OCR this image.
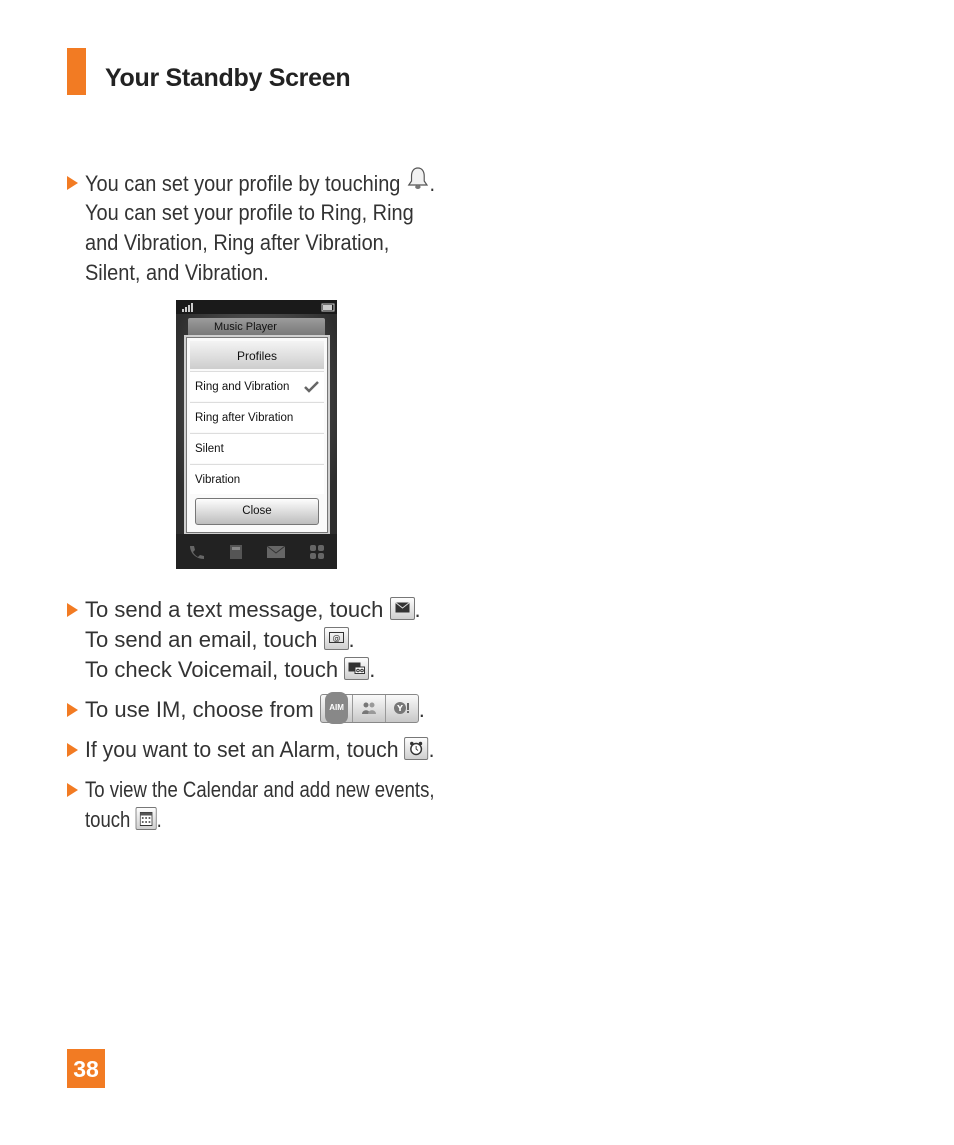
Your Standby Screen
You can set your profile by touching .
You can set your profile to Ring, Ring
and Vibration, Ring after Vibration,
Silent, and Vibration.
Music Player
Profiles
Ring and Vibration
Ring after Vibration
Silent
Vibration
Close
To send a text message, touch .
To send an email, touch @ .
To check Voicemail, touch .
To use IM, choose from	AIM	Y .
If you want to set an Alarm, touch .
To view the Calendar and add new events,
touch .
38
